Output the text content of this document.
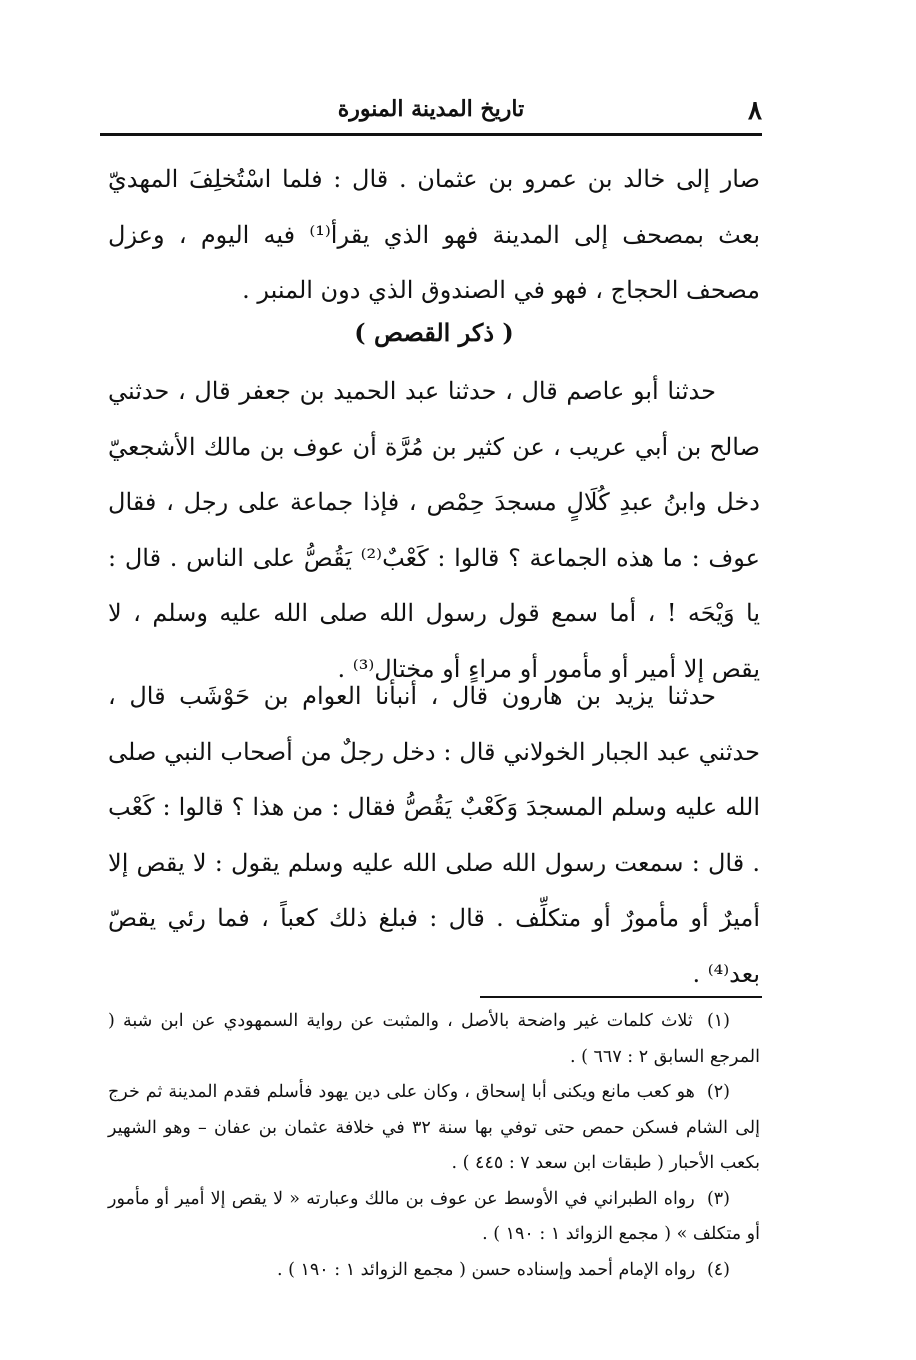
٨
تاريخ المدينة المنورة

صار إلى خالد بن عمرو بن عثمان . قال : فلما اسْتُخلِفَ المهديّ بعث بمصحف إلى المدينة فهو الذي يقرأ⁽¹⁾ فيه اليوم ، وعزل مصحف الحجاج ، فهو في الصندوق الذي دون المنبر .

( ذكر القصص )

حدثنا أبو عاصم قال ، حدثنا عبد الحميد بن جعفر قال ، حدثني صالح بن أبي عريب ، عن كثير بن مُرَّة أن عوف بن مالك الأشجعيّ دخل وابنُ عبدِ كُلَالٍ مسجدَ حِمْص ، فإذا جماعة على رجل ، فقال عوف : ما هذه الجماعة ؟ قالوا : كَعْبٌ⁽²⁾ يَقُصُّ على الناس . قال : يا وَيْحَه ! ، أما سمع قول رسول الله صلى الله عليه وسلم ، لا يقص إلا أمير أو مأمور أو مراءٍ أو مختال⁽³⁾ .

حدثنا يزيد بن هارون قال ، أنبأنا العوام بن حَوْشَب قال ، حدثني عبد الجبار الخولاني قال : دخل رجلٌ من أصحاب النبي صلى الله عليه وسلم المسجدَ وَكَعْبٌ يَقُصُّ فقال : من هذا ؟ قالوا : كَعْب . قال : سمعت رسول الله صلى الله عليه وسلم يقول : لا يقص إلا أميرٌ أو مأمورٌ أو متكلِّف . قال : فبلغ ذلك كعباً ، فما رئي يقصّ بعد⁽⁴⁾ .

(١) ثلاث كلمات غير واضحة بالأصل ، والمثبت عن رواية السمهودي عن ابن شبة ( المرجع السابق ٢ : ٦٦٧ ) .

(٢) هو كعب مانع ويكنى أبا إسحاق ، وكان على دين يهود فأسلم فقدم المدينة ثم خرج إلى الشام فسكن حمص حتى توفي بها سنة ٣٢ في خلافة عثمان بن عفان – وهو الشهير بكعب الأحبار ( طبقات ابن سعد ٧ : ٤٤٥ ) .

(٣) رواه الطبراني في الأوسط عن عوف بن مالك وعبارته « لا يقص إلا أمير أو مأمور أو متكلف » ( مجمع الزوائد ١ : ١٩٠ ) .

(٤) رواه الإمام أحمد وإسناده حسن ( مجمع الزوائد ١ : ١٩٠ ) .
